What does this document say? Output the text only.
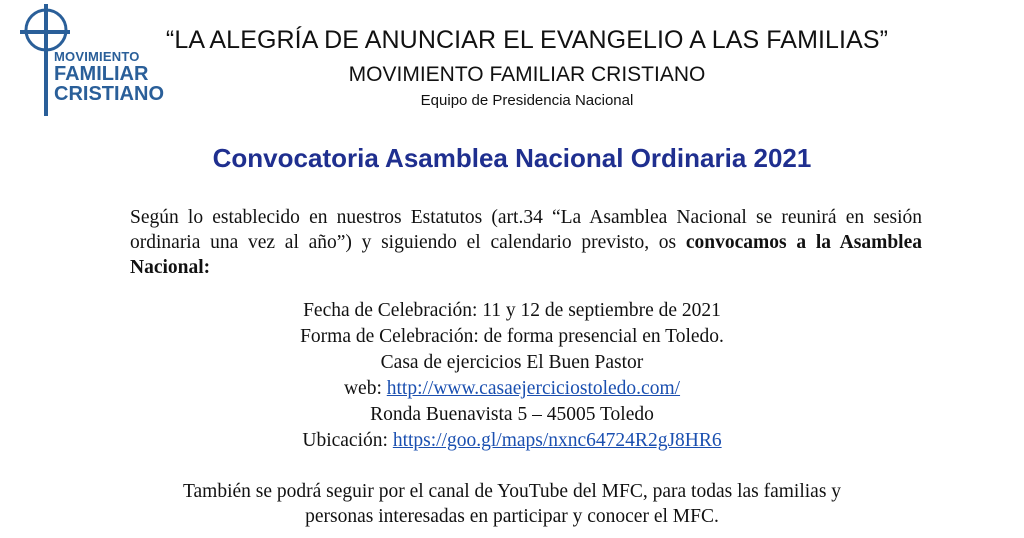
MOVIMIENTO
FAMILIAR
CRISTIANO
“LA ALEGRÍA DE ANUNCIAR EL EVANGELIO A LAS FAMILIAS”
MOVIMIENTO FAMILIAR CRISTIANO
Equipo de Presidencia Nacional
Convocatoria Asamblea Nacional Ordinaria 2021
Según lo establecido en nuestros Estatutos (art.34 “La Asamblea Nacional se reunirá en sesión ordinaria una vez al año”) y siguiendo el calendario previsto, os convocamos a la Asamblea Nacional:
Fecha de Celebración: 11 y 12 de septiembre de 2021
Forma de Celebración: de forma presencial en Toledo.
Casa de ejercicios El Buen Pastor
web: http://www.casaejerciciostoledo.com/
Ronda Buenavista 5 – 45005 Toledo
Ubicación: https://goo.gl/maps/nxnc64724R2gJ8HR6
También se podrá seguir por el canal de YouTube del MFC, para todas las familias y
personas interesadas en participar y conocer el MFC.
